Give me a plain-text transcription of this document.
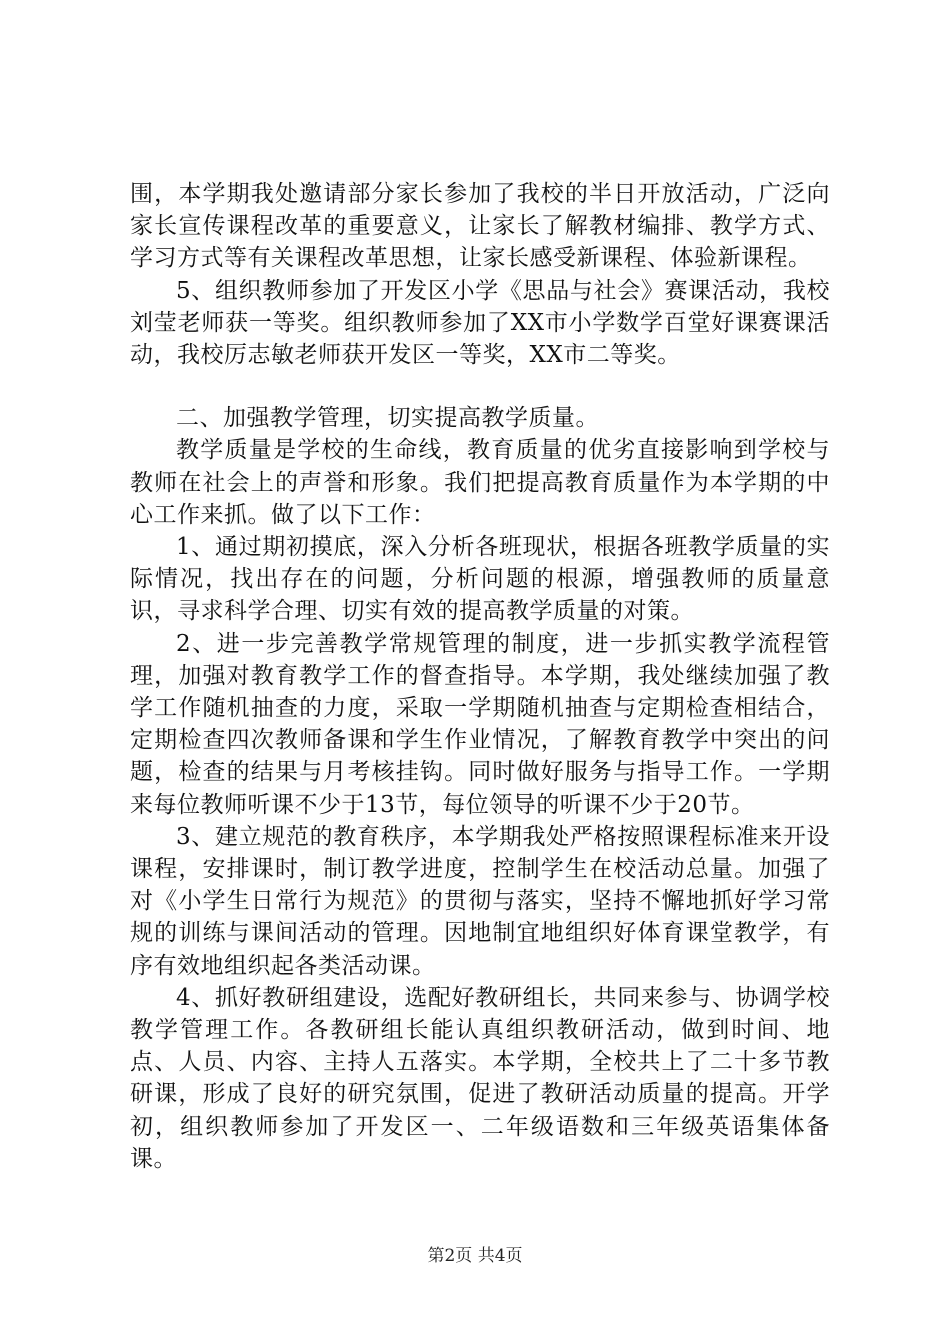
围，本学期我处邀请部分家长参加了我校的半日开放活动，广泛向家长宣传课程改革的重要意义，让家长了解教材编排、教学方式、学习方式等有关课程改革思想，让家长感受新课程、体验新课程。

5、组织教师参加了开发区小学《思品与社会》赛课活动，我校刘莹老师获一等奖。组织教师参加了XX市小学数学百堂好课赛课活动，我校厉志敏老师获开发区一等奖，XX市二等奖。

二、加强教学管理，切实提高教学质量。

教学质量是学校的生命线，教育质量的优劣直接影响到学校与教师在社会上的声誉和形象。我们把提高教育质量作为本学期的中心工作来抓。做了以下工作：

1、通过期初摸底，深入分析各班现状，根据各班教学质量的实际情况，找出存在的问题，分析问题的根源，增强教师的质量意识，寻求科学合理、切实有效的提高教学质量的对策。

2、进一步完善教学常规管理的制度，进一步抓实教学流程管理，加强对教育教学工作的督查指导。本学期，我处继续加强了教学工作随机抽查的力度，采取一学期随机抽查与定期检查相结合，定期检查四次教师备课和学生作业情况，了解教育教学中突出的问题，检查的结果与月考核挂钩。同时做好服务与指导工作。一学期来每位教师听课不少于13节，每位领导的听课不少于20节。

3、建立规范的教育秩序，本学期我处严格按照课程标准来开设课程，安排课时，制订教学进度，控制学生在校活动总量。加强了对《小学生日常行为规范》的贯彻与落实，坚持不懈地抓好学习常规的训练与课间活动的管理。因地制宜地组织好体育课堂教学，有序有效地组织起各类活动课。

4、抓好教研组建设，选配好教研组长，共同来参与、协调学校教学管理工作。各教研组长能认真组织教研活动，做到时间、地点、人员、内容、主持人五落实。本学期，全校共上了二十多节教研课，形成了良好的研究氛围，促进了教研活动质量的提高。开学初，组织教师参加了开发区一、二年级语数和三年级英语集体备课。

第2页 共4页
